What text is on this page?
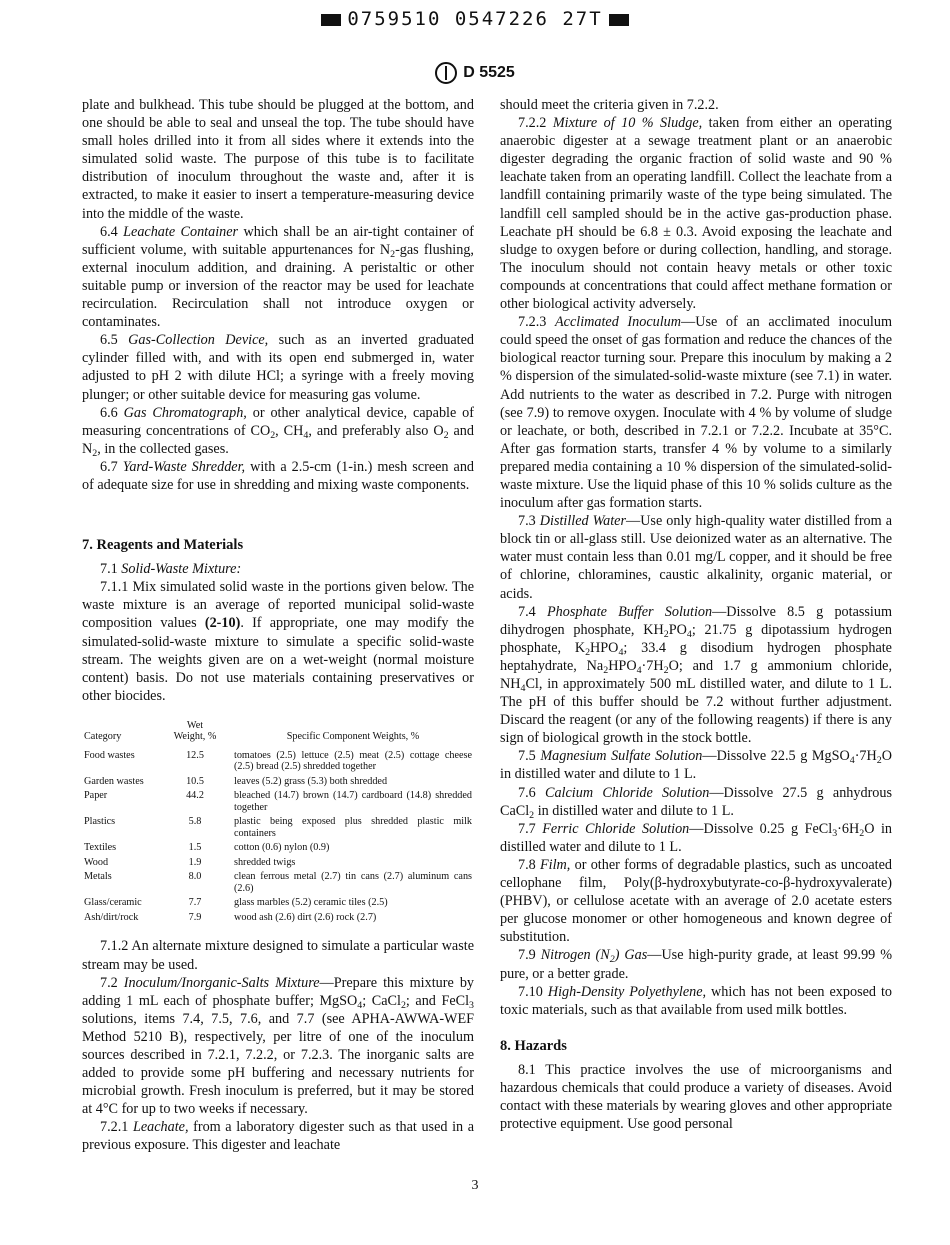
0759510 0547226 27T
D 5525

plate and bulkhead. This tube should be plugged at the bottom, and one should be able to seal and unseal the top. The tube should have small holes drilled into it from all sides where it extends into the simulated solid waste. The purpose of this tube is to facilitate distribution of inoculum throughout the waste and, after it is extracted, to make it easier to insert a temperature-measuring device into the middle of the waste.

6.4 Leachate Container which shall be an air-tight container of sufficient volume, with suitable appurtenances for $N_2$-gas flushing, external inoculum addition, and draining. A peristaltic or other suitable pump or inversion of the reactor may be used for leachate recirculation. Recirculation shall not introduce oxygen or contaminates.

6.5 Gas-Collection Device, such as an inverted graduated cylinder filled with, and with its open end submerged in, water adjusted to pH 2 with dilute HCl; a syringe with a freely moving plunger; or other suitable device for measuring gas volume.

6.6 Gas Chromatograph, or other analytical device, capable of measuring concentrations of $CO_2$, $CH_4$, and preferably also $O_2$ and $N_2$, in the collected gases.

6.7 Yard-Waste Shredder, with a 2.5-cm (1-in.) mesh screen and of adequate size for use in shredding and mixing waste components.

7. Reagents and Materials

7.1 Solid-Waste Mixture:

7.1.1 Mix simulated solid waste in the portions given below. The waste mixture is an average of reported municipal solid-waste composition values (2-10). If appropriate, one may modify the simulated-solid-waste mixture to simulate a specific solid-waste stream. The weights given are on a wet-weight (normal moisture content) basis. Do not use materials containing preservatives or other biocides.

Category	Wet
Weight, %	Specific Component Weights, %
Food wastes	12.5	tomatoes (2.5) lettuce (2.5) meat (2.5) cottage cheese (2.5) bread (2.5) shredded together
Garden wastes	10.5	leaves (5.2) grass (5.3) both shredded
Paper	44.2	bleached (14.7) brown (14.7) cardboard (14.8) shredded together
Plastics	5.8	plastic being exposed plus shredded plastic milk containers
Textiles	1.5	cotton (0.6) nylon (0.9)
Wood	1.9	shredded twigs
Metals	8.0	clean ferrous metal (2.7) tin cans (2.7) aluminum cans (2.6)
Glass/ceramic	7.7	glass marbles (5.2) ceramic tiles (2.5)
Ash/dirt/rock	7.9	wood ash (2.6) dirt (2.6) rock (2.7)

7.1.2 An alternate mixture designed to simulate a particular waste stream may be used.

7.2 Inoculum/Inorganic-Salts Mixture—Prepare this mixture by adding 1 mL each of phosphate buffer; MgSO$_4$; CaCl$_2$; and FeCl$_3$ solutions, items 7.4, 7.5, 7.6, and 7.7 (see APHA-AWWA-WEF Method 5210 B), respectively, per litre of one of the inoculum sources described in 7.2.1, 7.2.2, or 7.2.3. The inorganic salts are added to provide some pH buffering and necessary nutrients for microbial growth. Fresh inoculum is preferred, but it may be stored at 4°C for up to two weeks if necessary.

7.2.1 Leachate, from a laboratory digester such as that used in a previous exposure. This digester and leachate

should meet the criteria given in 7.2.2.

7.2.2 Mixture of 10 % Sludge, taken from either an operating anaerobic digester at a sewage treatment plant or an anaerobic digester degrading the organic fraction of solid waste and 90 % leachate taken from an operating landfill. Collect the leachate from a landfill containing primarily waste of the type being simulated. The landfill cell sampled should be in the active gas-production phase. Leachate pH should be 6.8 ± 0.3. Avoid exposing the leachate and sludge to oxygen before or during collection, handling, and storage. The inoculum should not contain heavy metals or other toxic compounds at concentrations that could affect methane formation or other biological activity adversely.

7.2.3 Acclimated Inoculum—Use of an acclimated inoculum could speed the onset of gas formation and reduce the chances of the biological reactor turning sour. Prepare this inoculum by making a 2 % dispersion of the simulated-solid-waste mixture (see 7.1) in water. Add nutrients to the water as described in 7.2. Purge with nitrogen (see 7.9) to remove oxygen. Inoculate with 4 % by volume of sludge or leachate, or both, described in 7.2.1 or 7.2.2. Incubate at 35°C. After gas formation starts, transfer 4 % by volume to a similarly prepared media containing a 10 % dispersion of the simulated-solid-waste mixture. Use the liquid phase of this 10 % solids culture as the inoculum after gas formation starts.

7.3 Distilled Water—Use only high-quality water distilled from a block tin or all-glass still. Use deionized water as an alternative. The water must contain less than 0.01 mg/L copper, and it should be free of chlorine, chloramines, caustic alkalinity, organic material, or acids.

7.4 Phosphate Buffer Solution—Dissolve 8.5 g potassium dihydrogen phosphate, $KH_2PO_4$; 21.75 g dipotassium hydrogen phosphate, $K_2HPO_4$; 33.4 g disodium hydrogen phosphate heptahydrate, $Na_2HPO_4\cdot 7H_2O$; and 1.7 g ammonium chloride, $NH_4Cl$, in approximately 500 mL distilled water, and dilute to 1 L. The pH of this buffer should be 7.2 without further adjustment. Discard the reagent (or any of the following reagents) if there is any sign of biological growth in the stock bottle.

7.5 Magnesium Sulfate Solution—Dissolve 22.5 g $MgSO_4\cdot 7H_2O$ in distilled water and dilute to 1 L.

7.6 Calcium Chloride Solution—Dissolve 27.5 g anhydrous CaCl$_2$ in distilled water and dilute to 1 L.

7.7 Ferric Chloride Solution—Dissolve 0.25 g $FeCl_3\cdot 6H_2O$ in distilled water and dilute to 1 L.

7.8 Film, or other forms of degradable plastics, such as uncoated cellophane film, Poly(β-hydroxybutyrate-co-β-hydroxyvalerate) (PHBV), or cellulose acetate with an average of 2.0 acetate esters per glucose monomer or other homogeneous and known degree of substitution.

7.9 Nitrogen $(N_2)$ Gas—Use high-purity grade, at least 99.99 % pure, or a better grade.

7.10 High-Density Polyethylene, which has not been exposed to toxic materials, such as that available from used milk bottles.

8. Hazards

8.1 This practice involves the use of microorganisms and hazardous chemicals that could produce a variety of diseases. Avoid contact with these materials by wearing gloves and other appropriate protective equipment. Use good personal

3
